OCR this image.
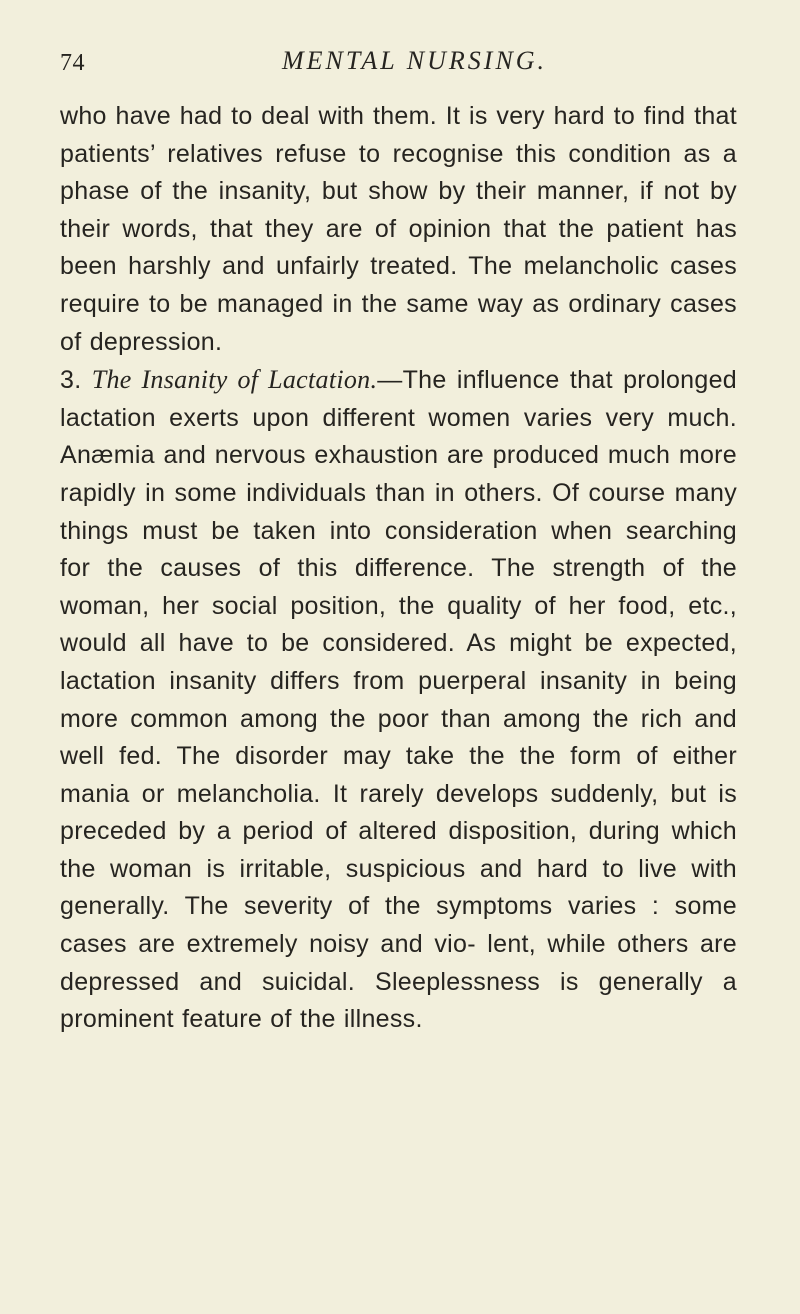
74	MENTAL NURSING.

who have had to deal with them. It is very hard to find that patients’ relatives refuse to recognise this condition as a phase of the insanity, but show by their manner, if not by their words, that they are of opinion that the patient has been harshly and unfairly treated. The melancholic cases require to be managed in the same way as ordinary cases of depression.

3. The Insanity of Lactation.—The influence that prolonged lactation exerts upon different women varies very much. Anæmia and nervous exhaustion are produced much more rapidly in some individuals than in others. Of course many things must be taken into consideration when searching for the causes of this difference. The strength of the woman, her social position, the quality of her food, etc., would all have to be considered. As might be expected, lactation insanity differs from puerperal insanity in being more common among the poor than among the rich and well fed. The disorder may take the the form of either mania or melancholia. It rarely develops suddenly, but is preceded by a period of altered disposition, during which the woman is irritable, suspicious and hard to live with generally. The severity of the symptoms varies : some cases are extremely noisy and vio- lent, while others are depressed and suicidal. Sleeplessness is generally a prominent feature of the illness.
